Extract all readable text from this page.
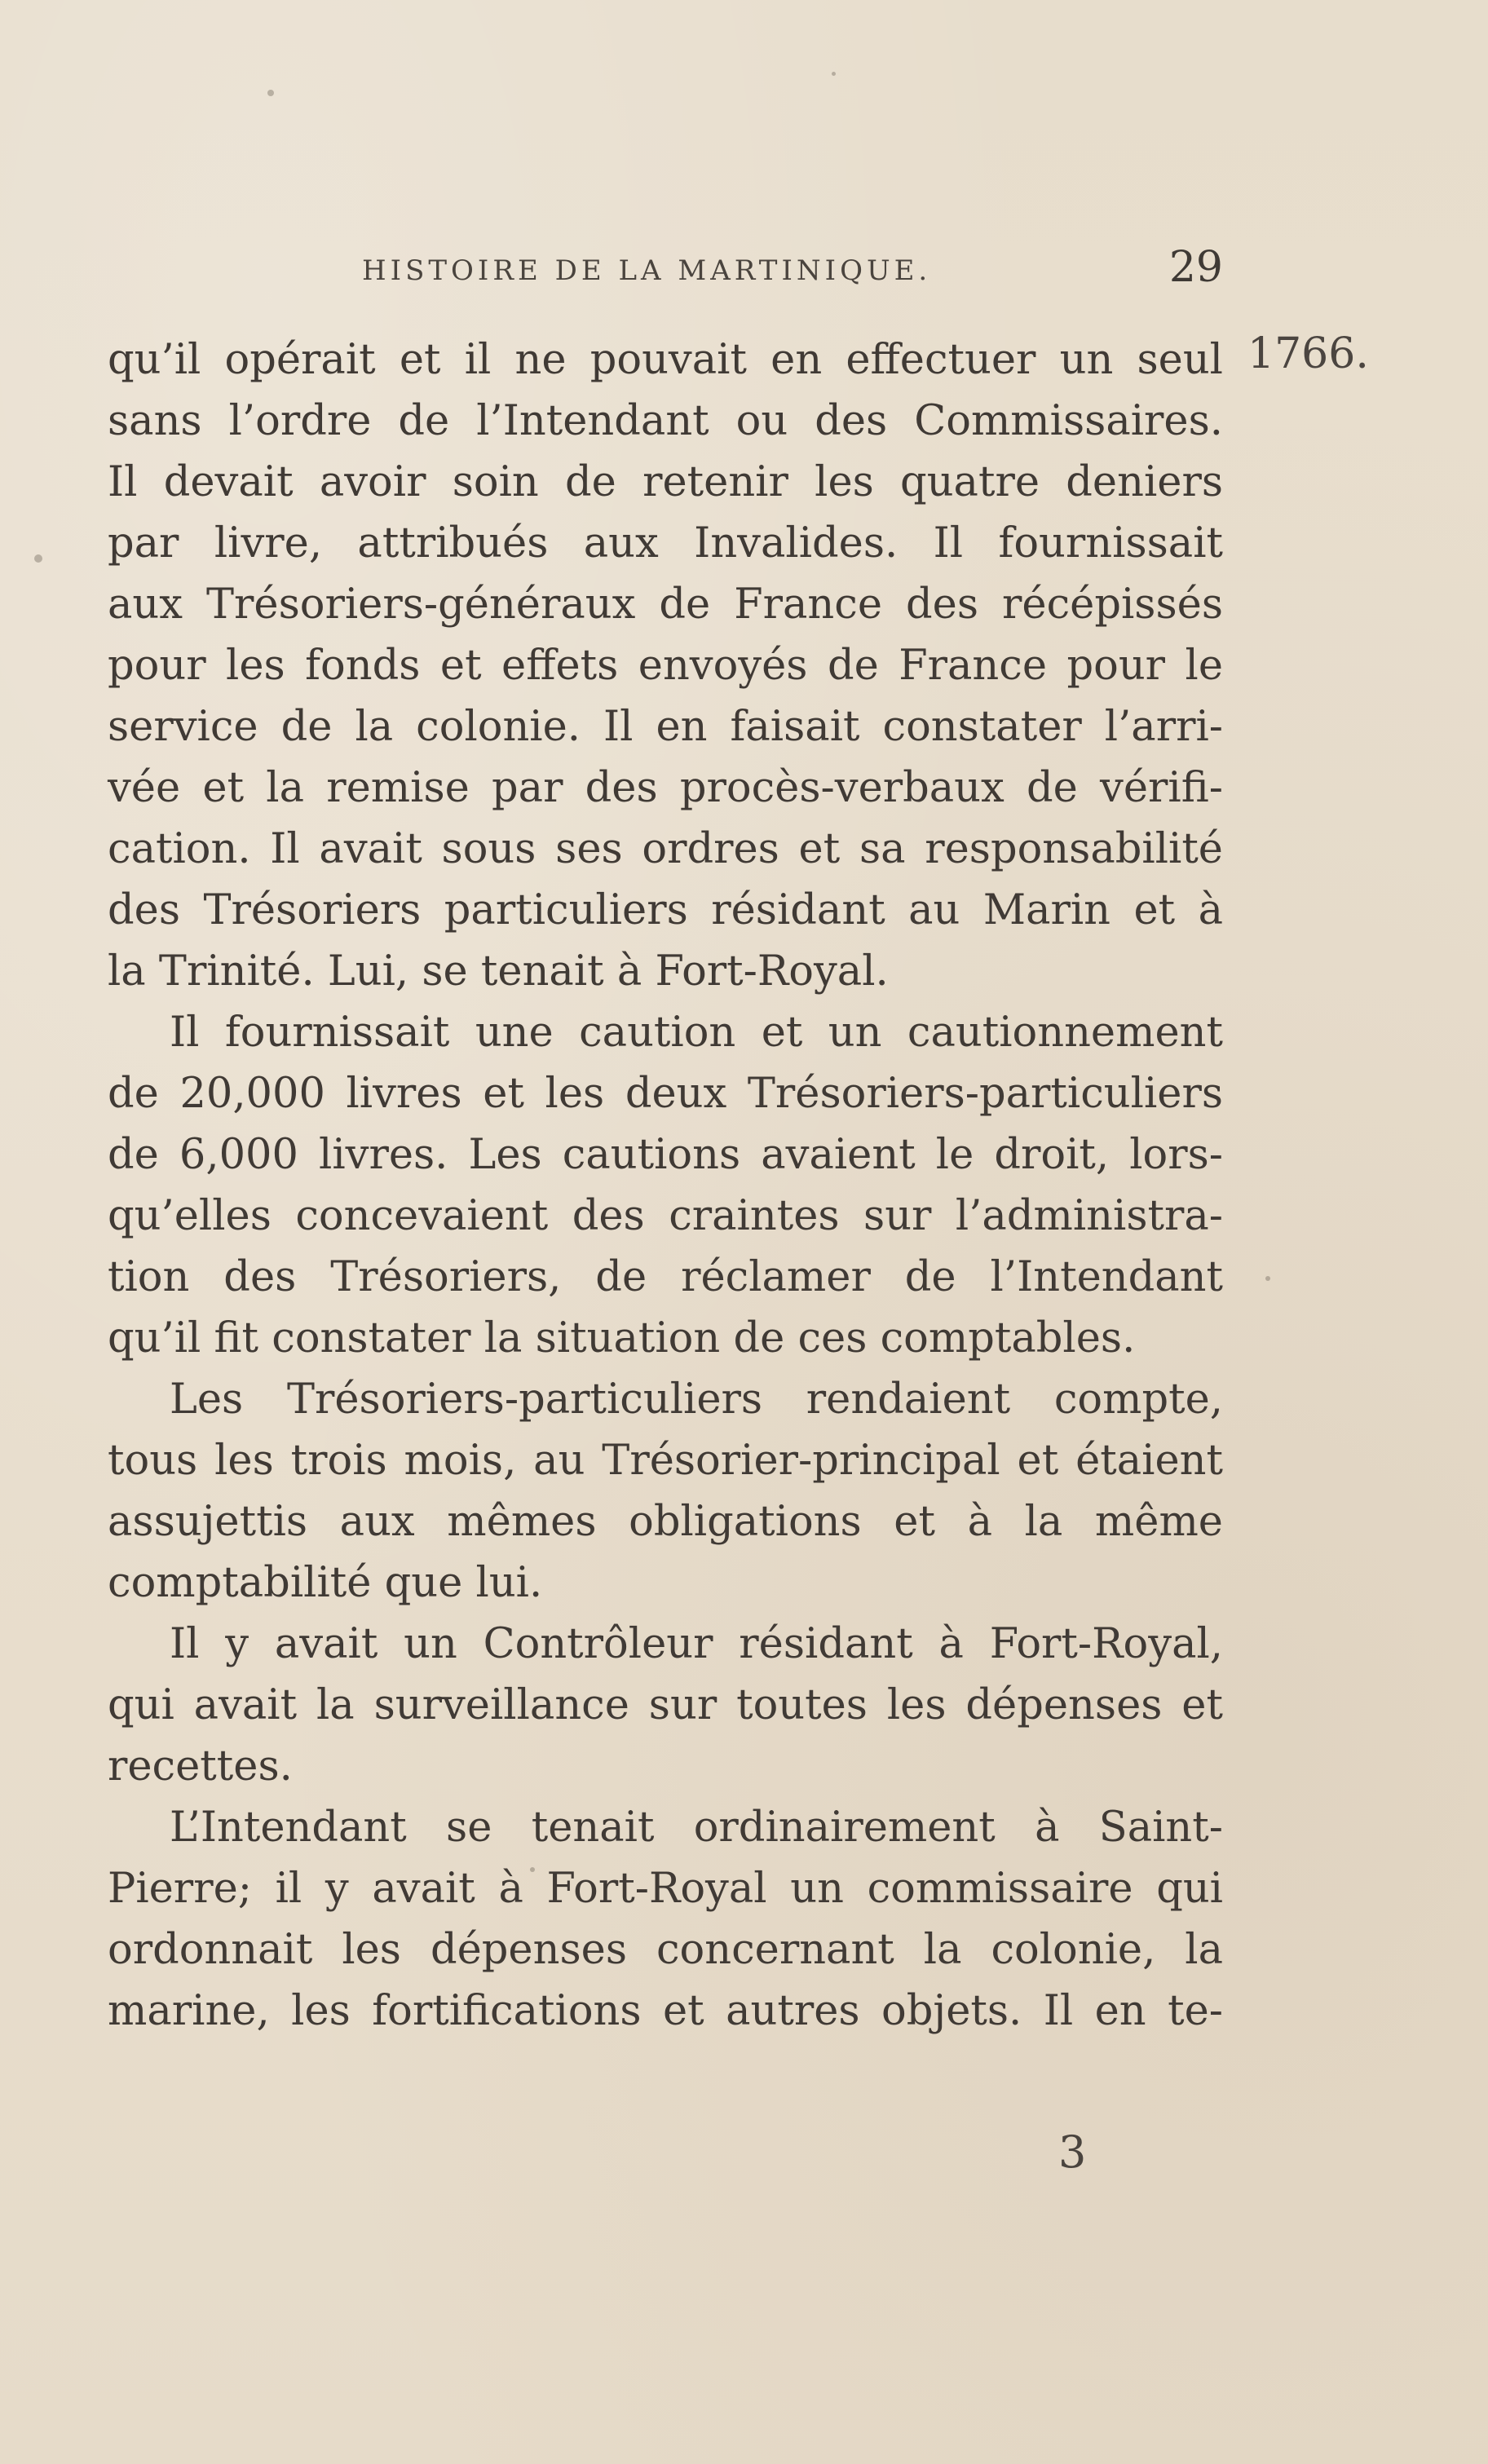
HISTOIRE DE LA MARTINIQUE.	29
1766.
qu’il opérait et il ne pouvait en effectuer un seul
sans l’ordre de l’Intendant ou des Commissaires.
Il devait avoir soin de retenir les quatre deniers
par livre, attribués aux Invalides. Il fournissait
aux Trésoriers-généraux de France des récépissés
pour les fonds et effets envoyés de France pour le
service de la colonie. Il en faisait constater l’arri-
vée et la remise par des procès-verbaux de vérifi-
cation. Il avait sous ses ordres et sa responsabilité
des Trésoriers particuliers résidant au Marin et à
la Trinité. Lui, se tenait à Fort-Royal.
Il fournissait une caution et un cautionnement
de 20,000 livres et les deux Trésoriers-particuliers
de 6,000 livres. Les cautions avaient le droit, lors-
qu’elles concevaient des craintes sur l’administra-
tion des Trésoriers, de réclamer de l’Intendant
qu’il fit constater la situation de ces comptables.
Les Trésoriers-particuliers rendaient compte,
tous les trois mois, au Trésorier-principal et étaient
assujettis aux mêmes obligations et à la même
comptabilité que lui.
Il y avait un Contrôleur résidant à Fort-Royal,
qui avait la surveillance sur toutes les dépenses et
recettes.
L’Intendant se tenait ordinairement à Saint-
Pierre; il y avait à Fort-Royal un commissaire qui
ordonnait les dépenses concernant la colonie, la
marine, les fortifications et autres objets. Il en te-
3
